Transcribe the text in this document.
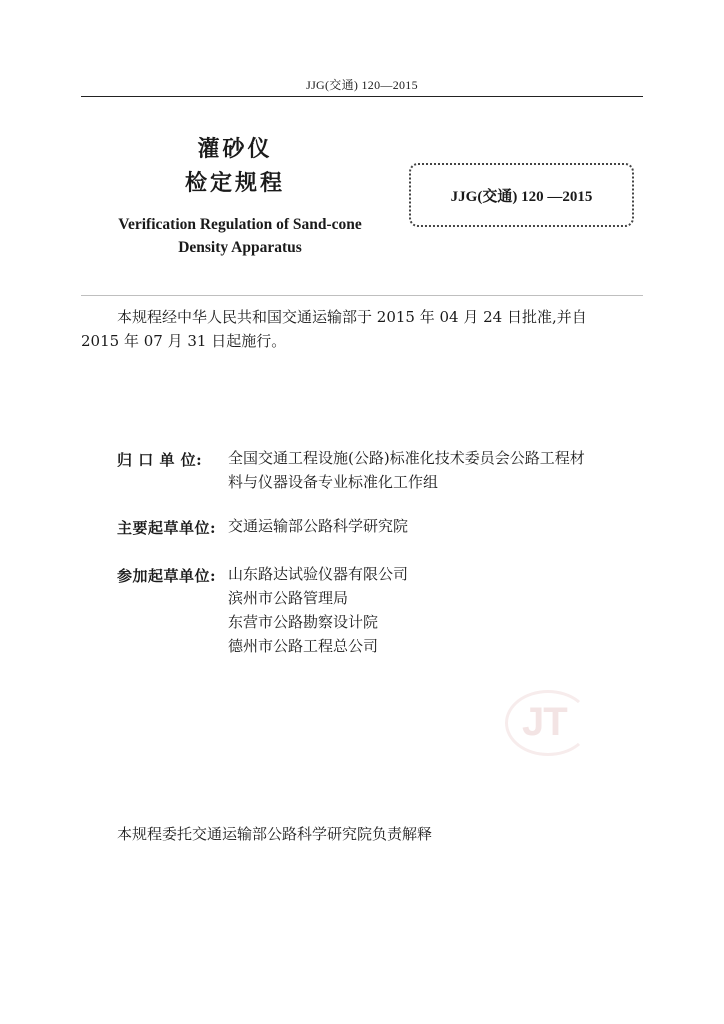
JJG(交通) 120—2015
灌砂仪
检定规程
JJG(交通) 120 —2015
Verification Regulation of Sand-cone
Density Apparatus
本规程经中华人民共和国交通运输部于 2015 年 04 月 24 日批准,并自
2015 年 07 月 31 日起施行。
归 口 单 位: 全国交通工程设施(公路)标准化技术委员会公路工程材
料与仪器设备专业标准化工作组
主要起草单位: 交通运输部公路科学研究院
参加起草单位: 山东路达试验仪器有限公司
滨州市公路管理局
东营市公路勘察设计院
德州市公路工程总公司
JT
本规程委托交通运输部公路科学研究院负责解释
